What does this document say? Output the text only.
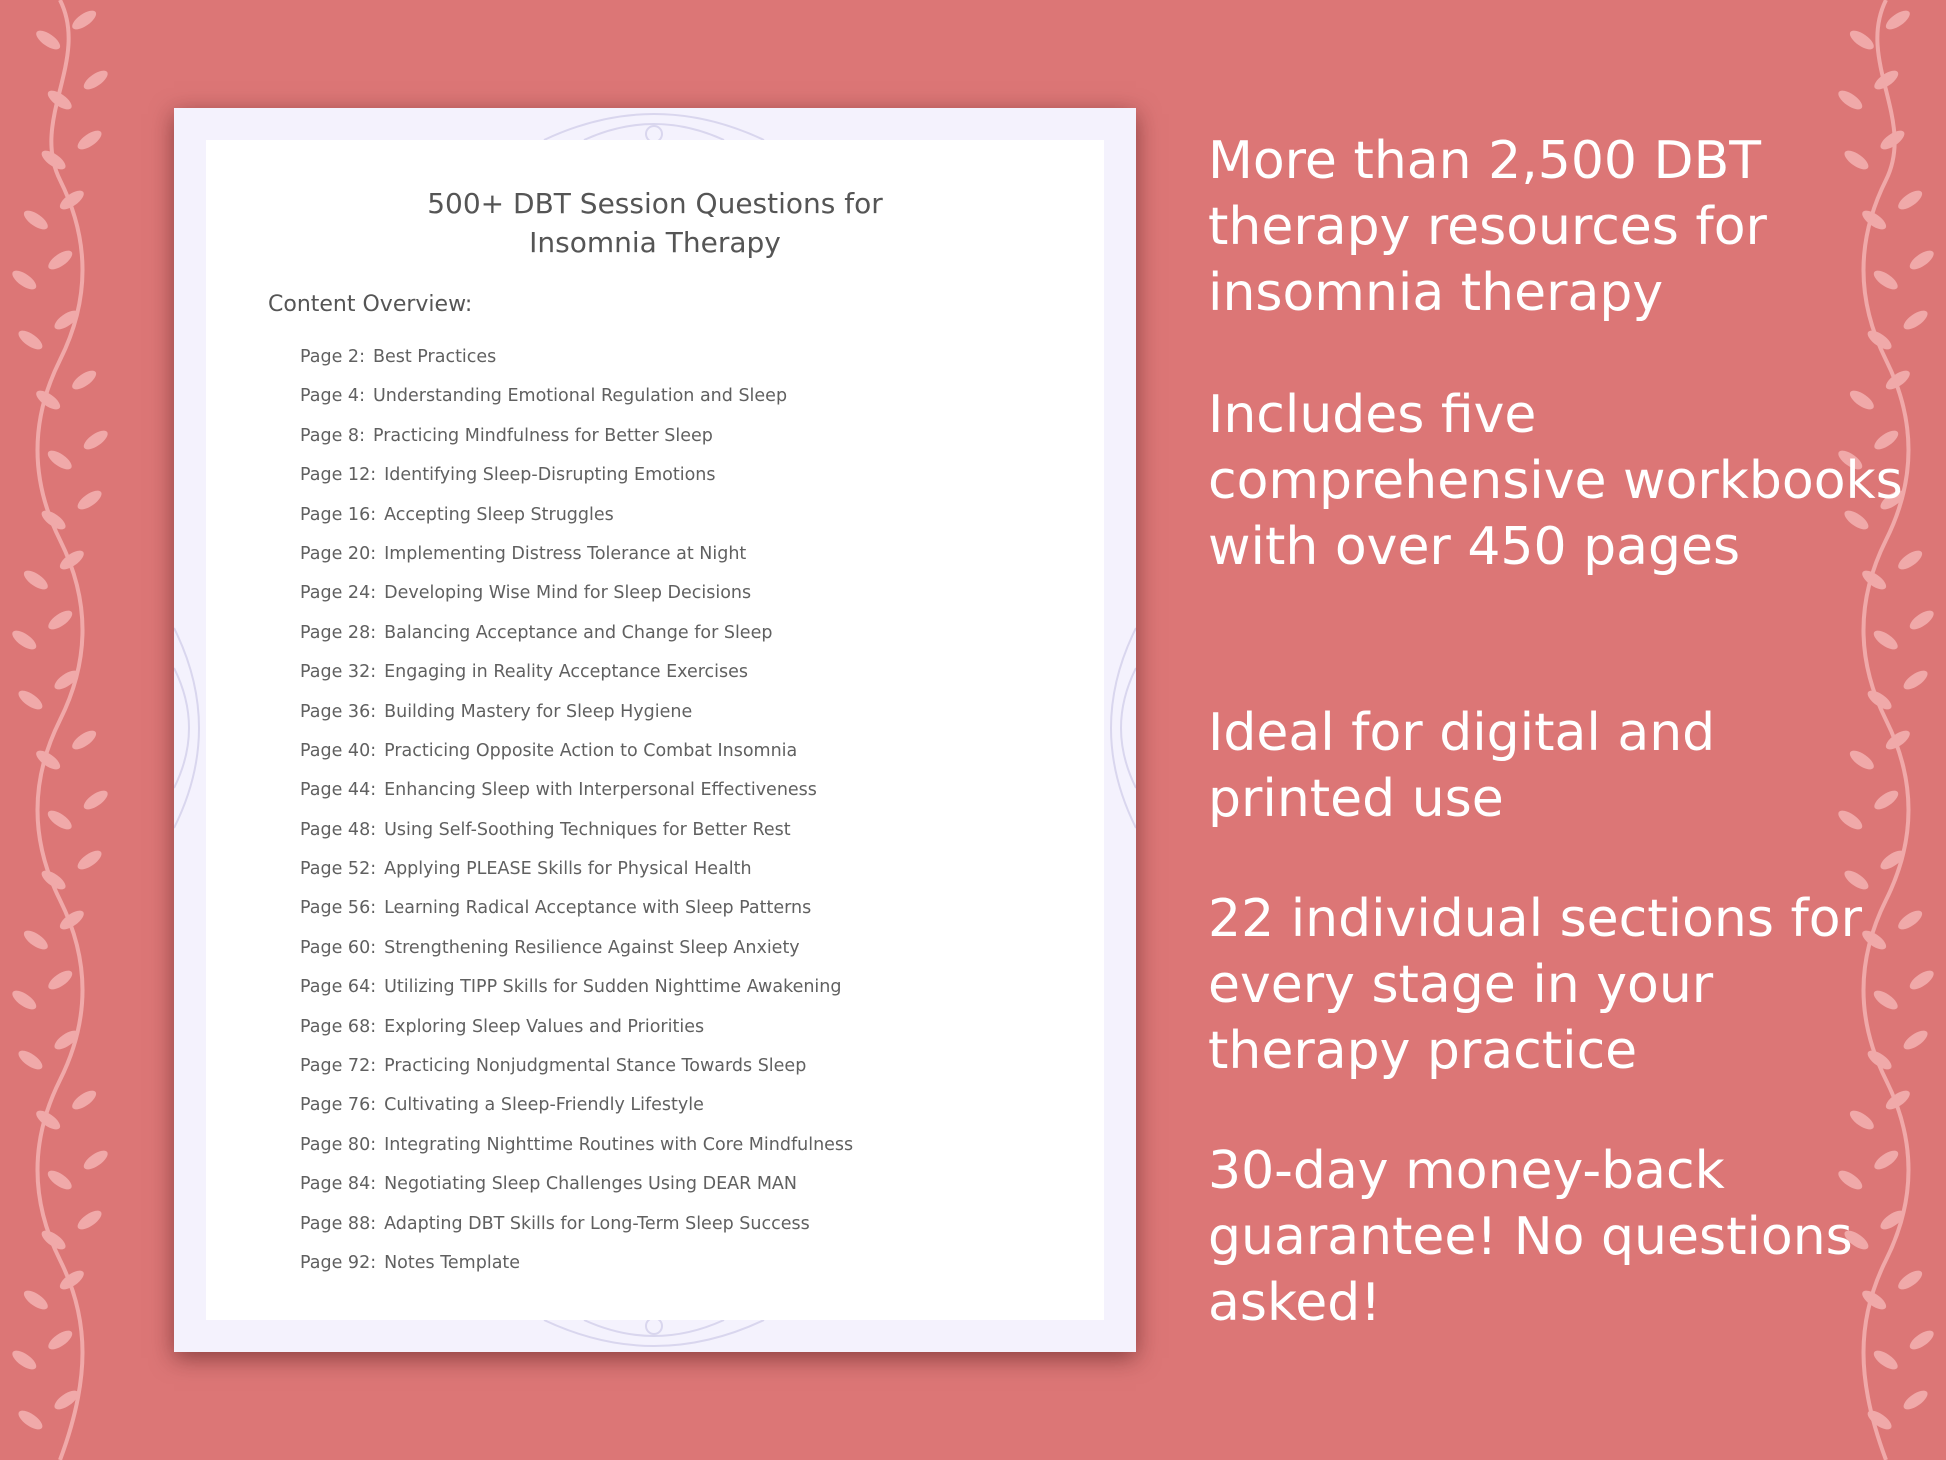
500+ DBT Session Questions for
Insomnia Therapy
Content Overview:
Page 2: Best Practices
Page 4: Understanding Emotional Regulation and Sleep
Page 8: Practicing Mindfulness for Better Sleep
Page 12: Identifying Sleep-Disrupting Emotions
Page 16: Accepting Sleep Struggles
Page 20: Implementing Distress Tolerance at Night
Page 24: Developing Wise Mind for Sleep Decisions
Page 28: Balancing Acceptance and Change for Sleep
Page 32: Engaging in Reality Acceptance Exercises
Page 36: Building Mastery for Sleep Hygiene
Page 40: Practicing Opposite Action to Combat Insomnia
Page 44: Enhancing Sleep with Interpersonal Effectiveness
Page 48: Using Self-Soothing Techniques for Better Rest
Page 52: Applying PLEASE Skills for Physical Health
Page 56: Learning Radical Acceptance with Sleep Patterns
Page 60: Strengthening Resilience Against Sleep Anxiety
Page 64: Utilizing TIPP Skills for Sudden Nighttime Awakening
Page 68: Exploring Sleep Values and Priorities
Page 72: Practicing Nonjudgmental Stance Towards Sleep
Page 76: Cultivating a Sleep-Friendly Lifestyle
Page 80: Integrating Nighttime Routines with Core Mindfulness
Page 84: Negotiating Sleep Challenges Using DEAR MAN
Page 88: Adapting DBT Skills for Long-Term Sleep Success
Page 92: Notes Template

More than 2,500 DBT therapy resources for insomnia therapy

Includes five comprehensive workbooks with over 450 pages

Ideal for digital and printed use

22 individual sections for every stage in your therapy practice

30-day money-back guarantee! No questions asked!
